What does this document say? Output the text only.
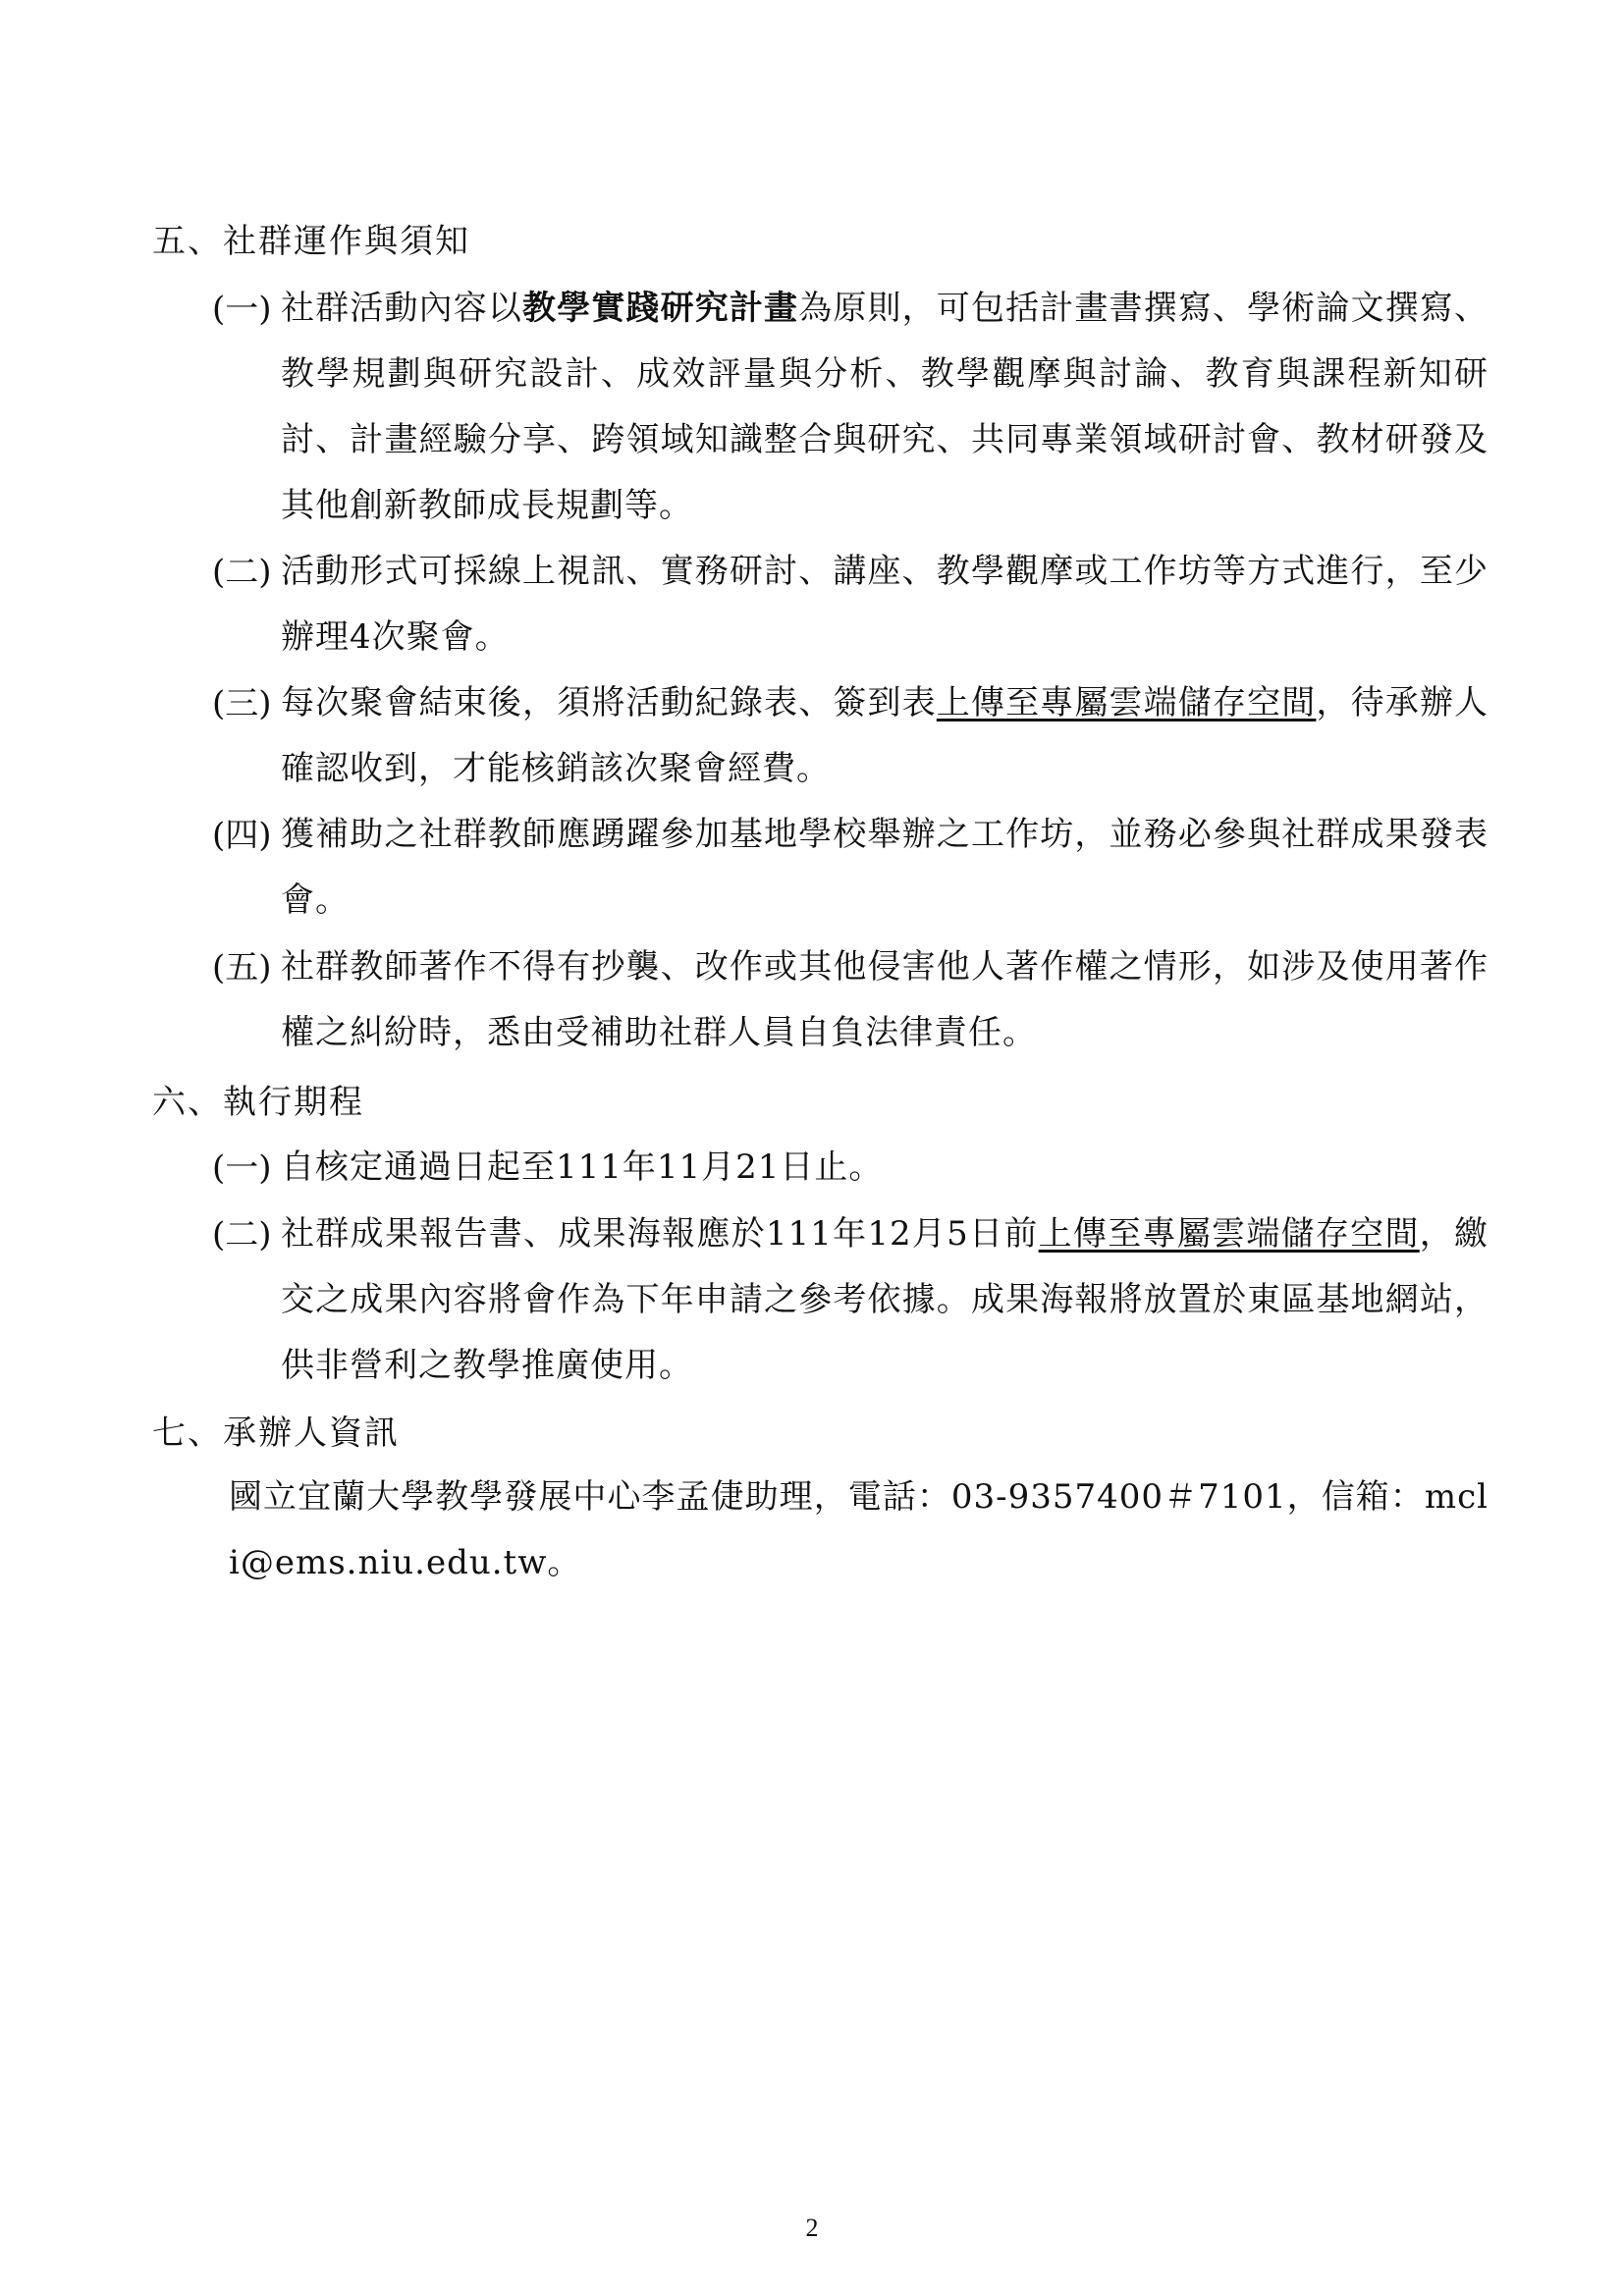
五、社群運作與須知
(一) 社群活動內容以教學實踐研究計畫為原則，可包括計畫書撰寫、學術論文撰寫、教學規劃與研究設計、成效評量與分析、教學觀摩與討論、教育與課程新知研討、計畫經驗分享、跨領域知識整合與研究、共同專業領域研討會、教材研發及其他創新教師成長規劃等。
(二) 活動形式可採線上視訊、實務研討、講座、教學觀摩或工作坊等方式進行，至少辦理4次聚會。
(三) 每次聚會結束後，須將活動紀錄表、簽到表上傳至專屬雲端儲存空間，待承辦人確認收到，才能核銷該次聚會經費。
(四) 獲補助之社群教師應踴躍參加基地學校舉辦之工作坊，並務必參與社群成果發表會。
(五) 社群教師著作不得有抄襲、改作或其他侵害他人著作權之情形，如涉及使用著作權之糾紛時，悉由受補助社群人員自負法律責任。
六、執行期程
(一) 自核定通過日起至111年11月21日止。
(二) 社群成果報告書、成果海報應於111年12月5日前上傳至專屬雲端儲存空間，繳交之成果內容將會作為下年申請之參考依據。成果海報將放置於東區基地網站，供非營利之教學推廣使用。
七、承辦人資訊
國立宜蘭大學教學發展中心李孟倢助理，電話：03-9357400＃7101，信箱：mcli@ems.niu.edu.tw。
2
